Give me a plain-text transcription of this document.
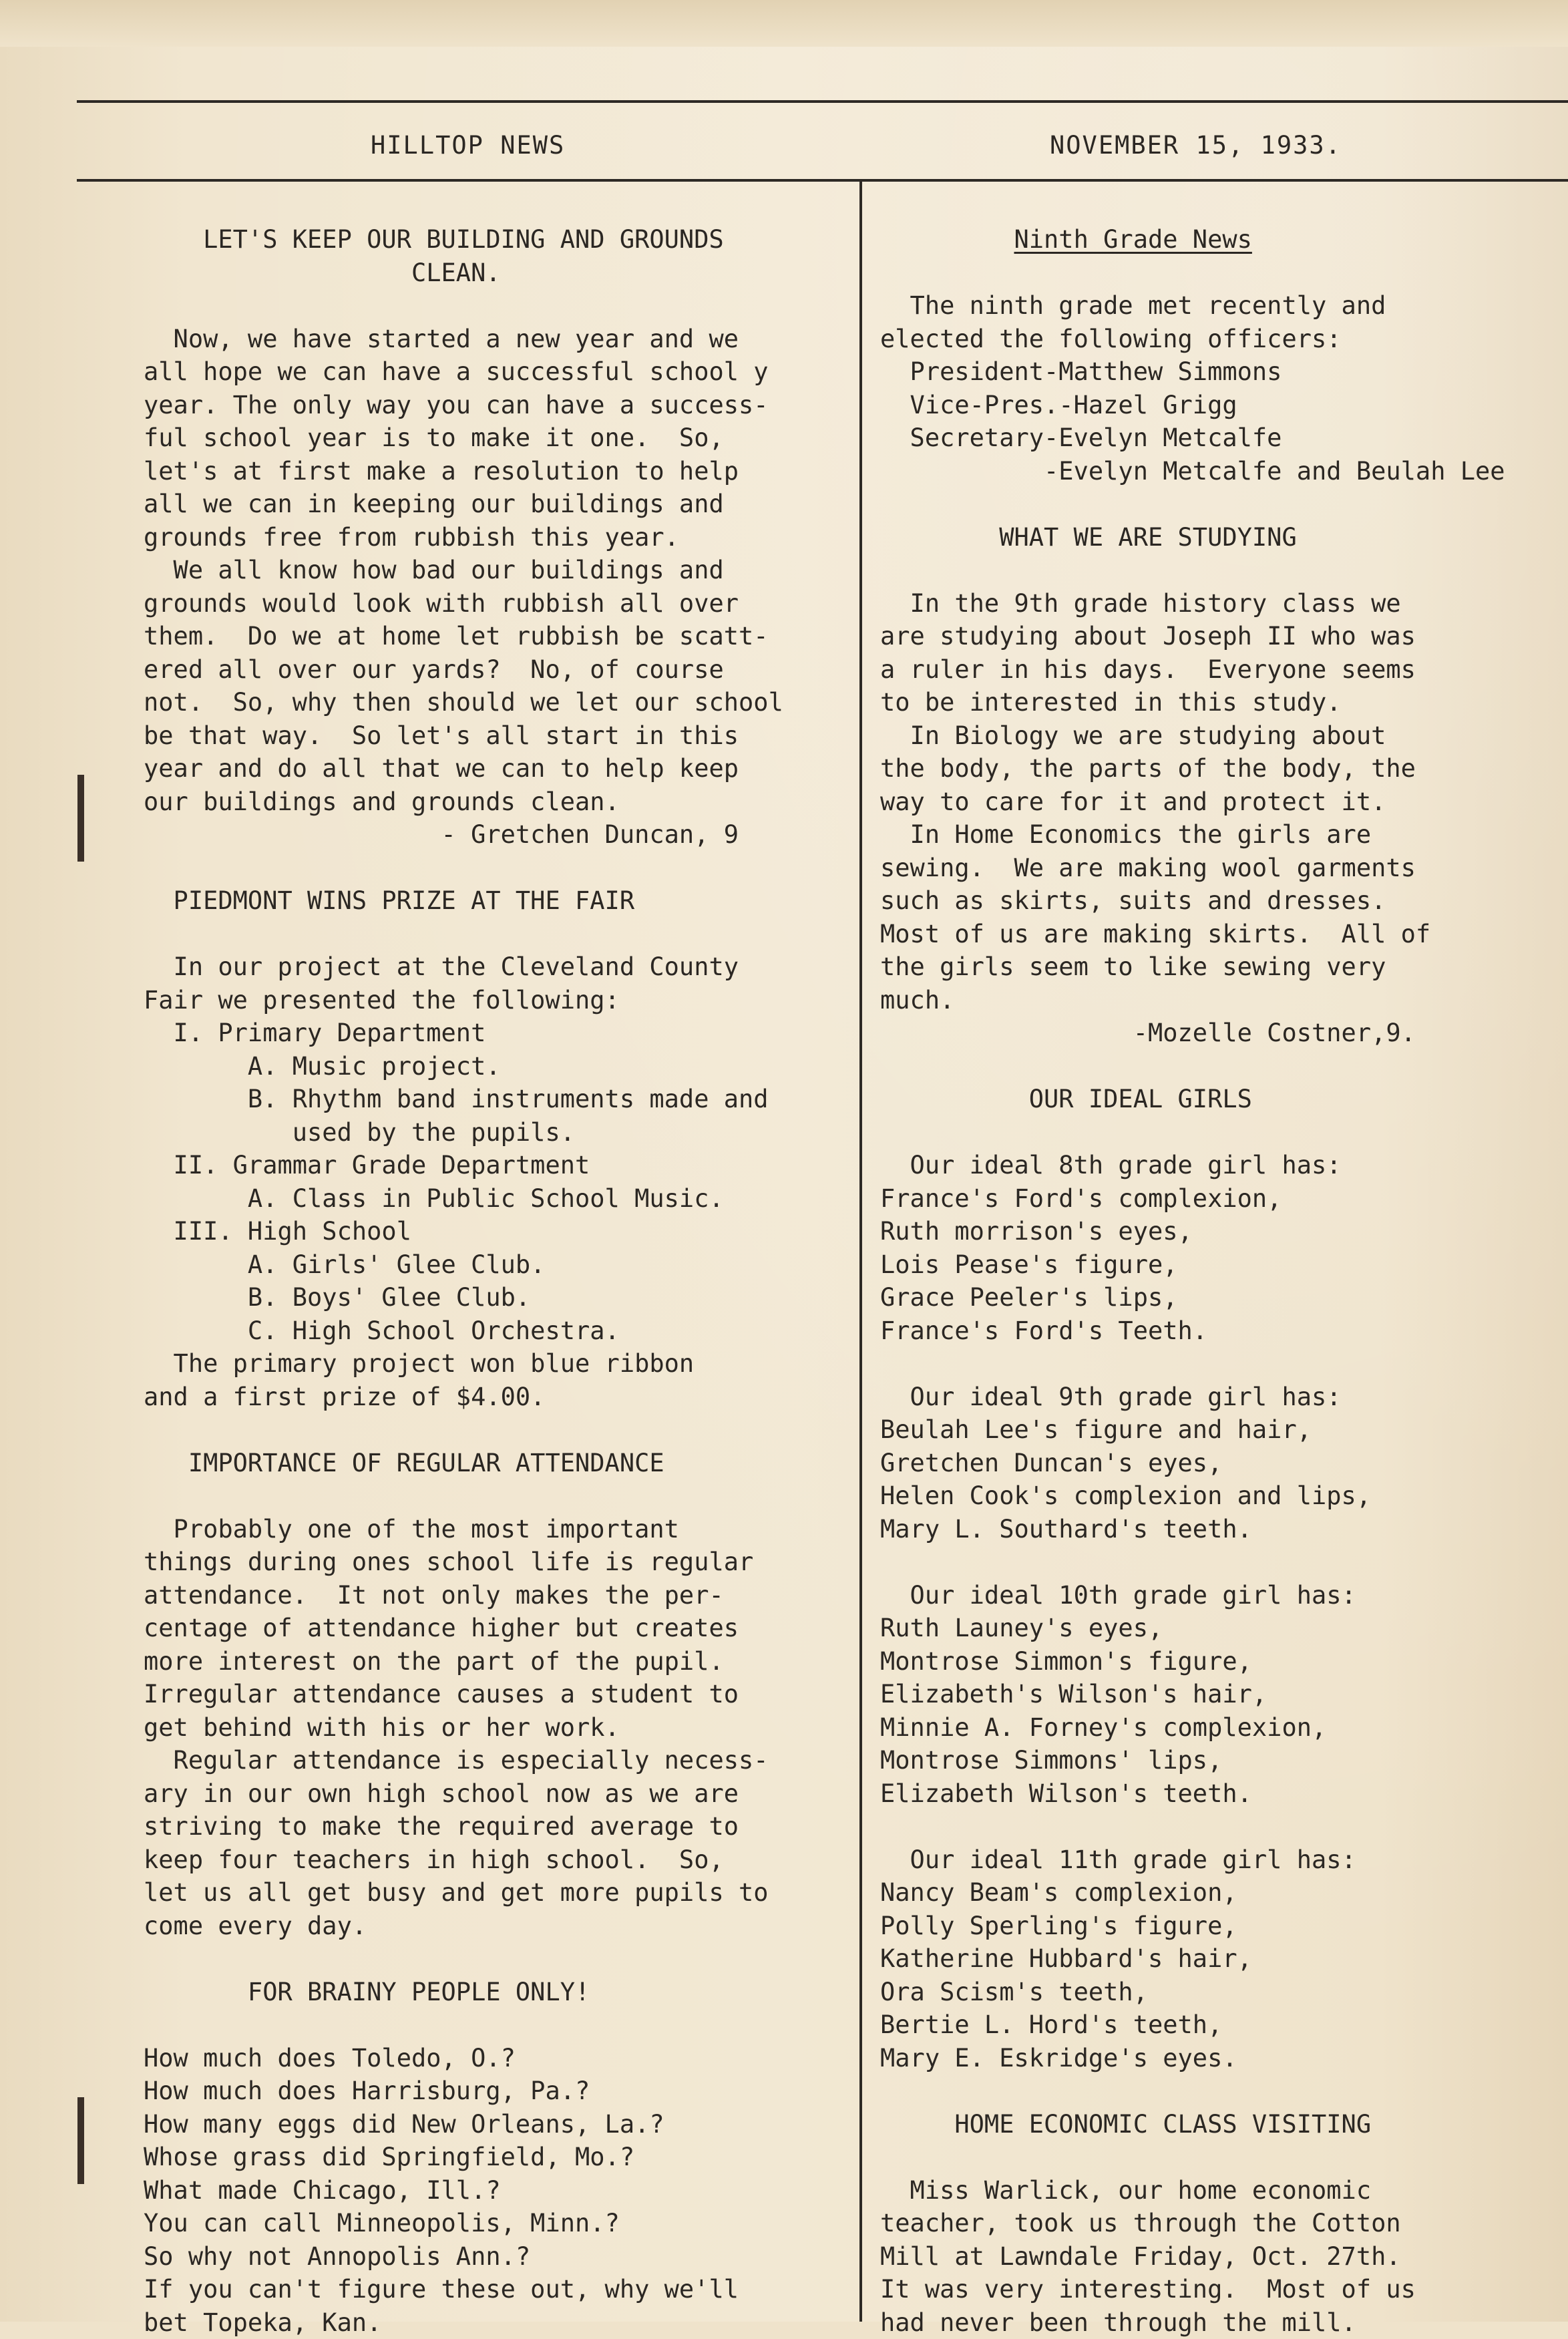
HILLTOP NEWS	NOVEMBER 15, 1933.
LET'S KEEP OUR BUILDING AND GROUNDS
CLEAN.
Now, we have started a new year and we
all hope we can have a successful school y
year. The only way you can have a success-
ful school year is to make it one.  So,
let's at first make a resolution to help
all we can in keeping our buildings and
grounds free from rubbish this year.
We all know how bad our buildings and
grounds would look with rubbish all over
them.  Do we at home let rubbish be scatt-
ered all over our yards?  No, of course
not.  So, why then should we let our school
be that way.  So let's all start in this
year and do all that we can to help keep
our buildings and grounds clean.
- Gretchen Duncan, 9
PIEDMONT WINS PRIZE AT THE FAIR
In our project at the Cleveland County
Fair we presented the following:
I. Primary Department
A. Music project.
B. Rhythm band instruments made and
used by the pupils.
II. Grammar Grade Department
A. Class in Public School Music.
III. High School
A. Girls' Glee Club.
B. Boys' Glee Club.
C. High School Orchestra.
The primary project won blue ribbon
and a first prize of $4.00.
IMPORTANCE OF REGULAR ATTENDANCE
Probably one of the most important
things during ones school life is regular
attendance.  It not only makes the per-
centage of attendance higher but creates
more interest on the part of the pupil.
Irregular attendance causes a student to
get behind with his or her work.
Regular attendance is especially necess-
ary in our own high school now as we are
striving to make the required average to
keep four teachers in high school.  So,
let us all get busy and get more pupils to
come every day.
FOR BRAINY PEOPLE ONLY!
How much does Toledo, O.?
How much does Harrisburg, Pa.?
How many eggs did New Orleans, La.?
Whose grass did Springfield, Mo.?
What made Chicago, Ill.?
You can call Minneopolis, Minn.?
So why not Annopolis Ann.?
If you can't figure these out, why we'll
bet Topeka, Kan.
Ninth Grade News
The ninth grade met recently and
elected the following officers:
President-Matthew Simmons
Vice-Pres.-Hazel Grigg
Secretary-Evelyn Metcalfe
-Evelyn Metcalfe and Beulah Lee
WHAT WE ARE STUDYING
In the 9th grade history class we
are studying about Joseph II who was
a ruler in his days.  Everyone seems
to be interested in this study.
In Biology we are studying about
the body, the parts of the body, the
way to care for it and protect it.
In Home Economics the girls are
sewing.  We are making wool garments
such as skirts, suits and dresses.
Most of us are making skirts.  All of
the girls seem to like sewing very
much.
-Mozelle Costner,9.
OUR IDEAL GIRLS
Our ideal 8th grade girl has:
France's Ford's complexion,
Ruth morrison's eyes,
Lois Pease's figure,
Grace Peeler's lips,
France's Ford's Teeth.
Our ideal 9th grade girl has:
Beulah Lee's figure and hair,
Gretchen Duncan's eyes,
Helen Cook's complexion and lips,
Mary L. Southard's teeth.
Our ideal 10th grade girl has:
Ruth Launey's eyes,
Montrose Simmon's figure,
Elizabeth's Wilson's hair,
Minnie A. Forney's complexion,
Montrose Simmons' lips,
Elizabeth Wilson's teeth.
Our ideal 11th grade girl has:
Nancy Beam's complexion,
Polly Sperling's figure,
Katherine Hubbard's hair,
Ora Scism's teeth,
Bertie L. Hord's teeth,
Mary E. Eskridge's eyes.
HOME ECONOMIC CLASS VISITING
Miss Warlick, our home economic
teacher, took us through the Cotton
Mill at Lawndale Friday, Oct. 27th.
It was very interesting.  Most of us
had never been through the mill.
